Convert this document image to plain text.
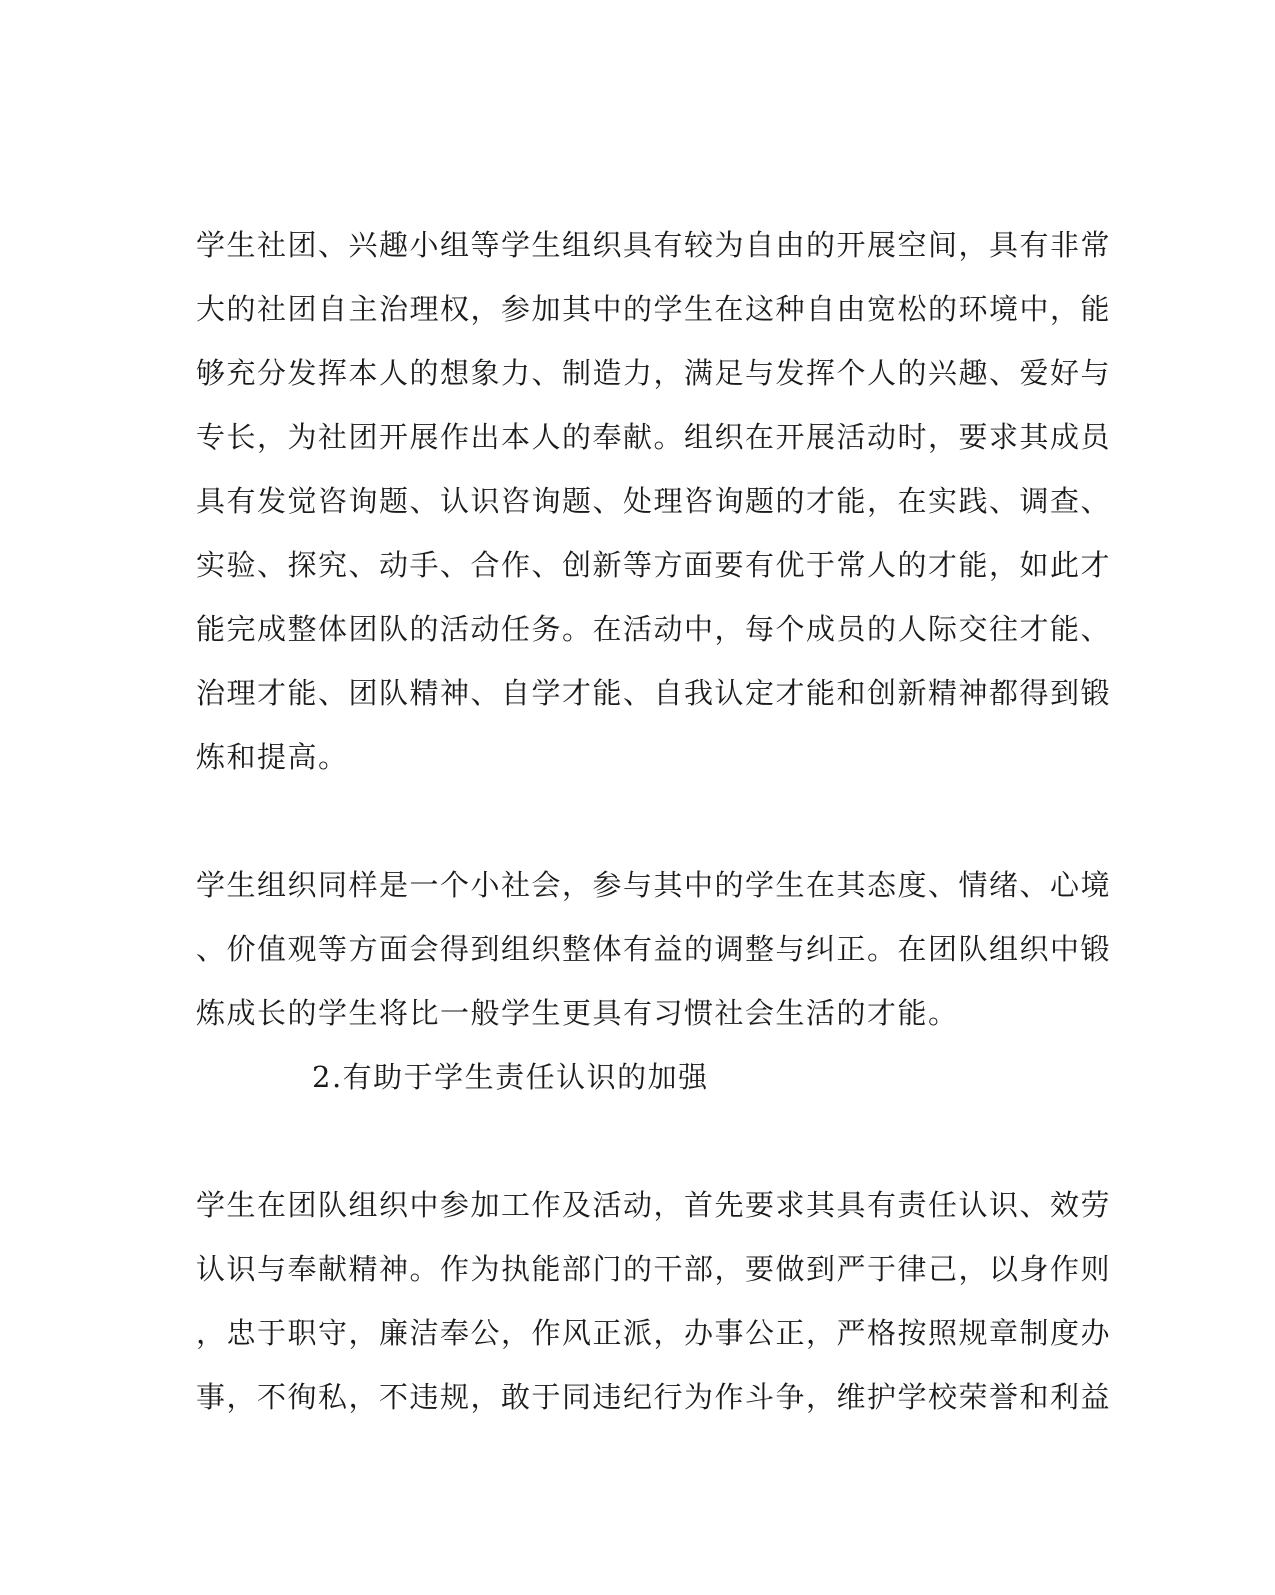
学生社团、兴趣小组等学生组织具有较为自由的开展空间，具有非常
大的社团自主治理权，参加其中的学生在这种自由宽松的环境中，能
够充分发挥本人的想象力、制造力，满足与发挥个人的兴趣、爱好与
专长，为社团开展作出本人的奉献。组织在开展活动时，要求其成员
具有发觉咨询题、认识咨询题、处理咨询题的才能，在实践、调查、
实验、探究、动手、合作、创新等方面要有优于常人的才能，如此才
能完成整体团队的活动任务。在活动中，每个成员的人际交往才能、
治理才能、团队精神、自学才能、自我认定才能和创新精神都得到锻
炼和提高。
学生组织同样是一个小社会，参与其中的学生在其态度、情绪、心境
、价值观等方面会得到组织整体有益的调整与纠正。在团队组织中锻
炼成长的学生将比一般学生更具有习惯社会生活的才能。
2.有助于学生责任认识的加强
学生在团队组织中参加工作及活动，首先要求其具有责任认识、效劳
认识与奉献精神。作为执能部门的干部，要做到严于律己，以身作则
，忠于职守，廉洁奉公，作风正派，办事公正，严格按照规章制度办
事，不徇私，不违规，敢于同违纪行为作斗争，维护学校荣誉和利益
